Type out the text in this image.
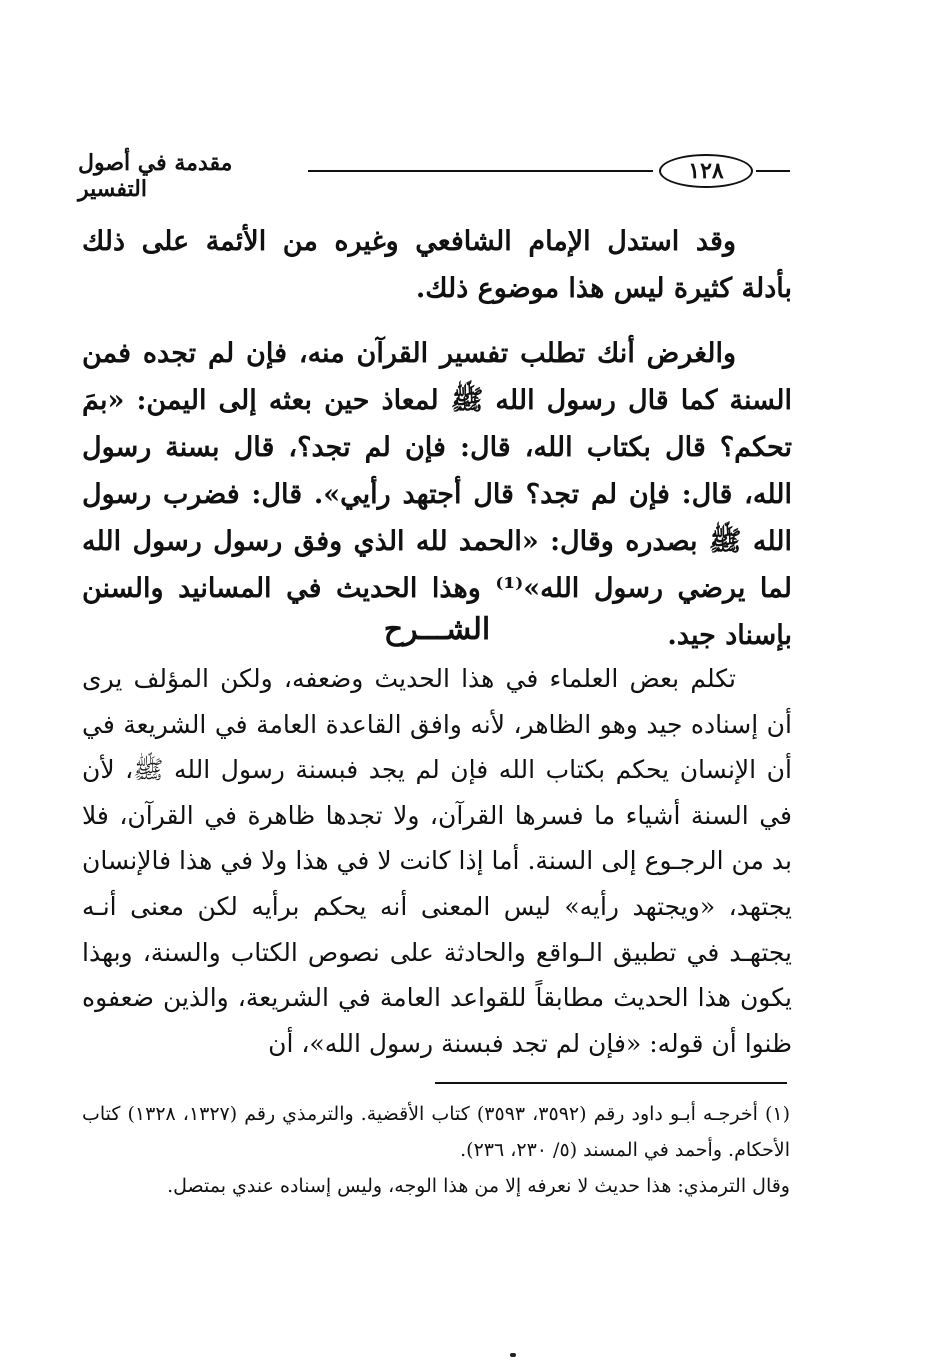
مقدمة في أصول التفسير
١٢٨
وقد استدل الإمام الشافعي وغيره من الأئمة على ذلك بأدلة كثيرة ليس هذا موضوع ذلك.
والغرض أنك تطلب تفسير القرآن منه، فإن لم تجده فمن السنة كما قال رسول الله ﷺ لمعاذ حين بعثه إلى اليمن: «بمَ تحكم؟ قال بكتاب الله، قال: فإن لم تجد؟، قال بسنة رسول الله، قال: فإن لم تجد؟ قال أجتهد رأيي». قال: فضرب رسول الله ﷺ بصدره وقال: «الحمد لله الذي وفق رسول رسول الله لما يرضي رسول الله»⁽¹⁾ وهذا الحديث في المسانيد والسنن بإسناد جيد.
الشـــرح
تكلم بعض العلماء في هذا الحديث وضعفه، ولكن المؤلف يرى أن إسناده جيد وهو الظاهر، لأنه وافق القاعدة العامة في الشريعة في أن الإنسان يحكم بكتاب الله فإن لم يجد فبسنة رسول الله ﷺ، لأن في السنة أشياء ما فسرها القرآن، ولا تجدها ظاهرة في القرآن، فلا بد من الرجـوع إلى السنة. أما إذا كانت لا في هذا ولا في هذا فالإنسان يجتهد، «ويجتهد رأيه» ليس المعنى أنه يحكم برأيه لكن معنى أنـه يجتهـد في تطبيق الـواقع والحادثة على نصوص الكتاب والسنة، وبهذا يكون هذا الحديث مطابقاً للقواعد العامة في الشريعة، والذين ضعفوه ظنوا أن قوله: «فإن لم تجد فبسنة رسول الله»، أن
(١) أخرجـه أبـو داود رقم (٣٥٩٢، ٣٥٩٣) كتاب الأقضية. والترمذي رقم (١٣٢٧، ١٣٢٨) كتاب الأحكام. وأحمد في المسند (٥/ ٢٣٠، ٢٣٦).
وقال الترمذي: هذا حديث لا نعرفه إلا من هذا الوجه، وليس إسناده عندي بمتصل.
